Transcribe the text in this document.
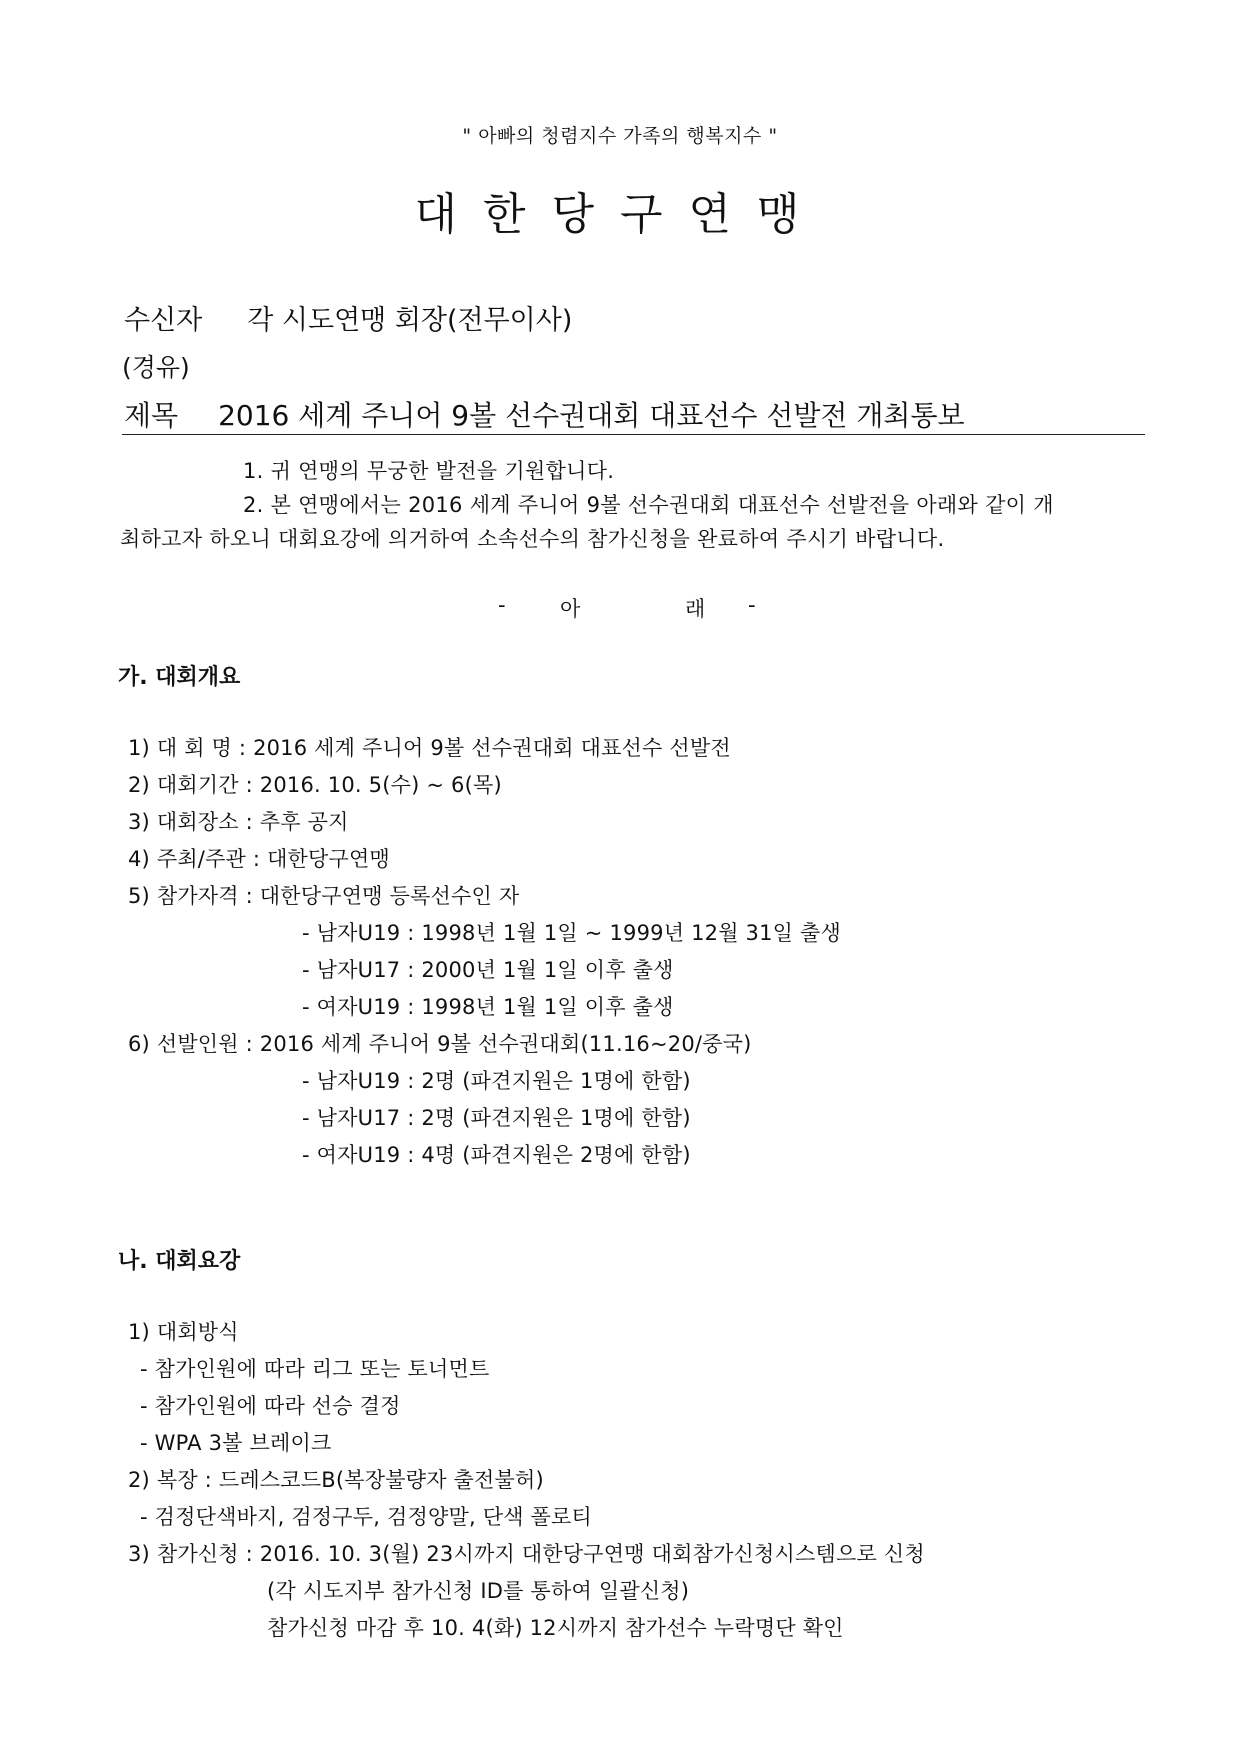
" 아빠의 청렴지수 가족의 행복지수 "
대한당구연맹
수신자 각 시도연맹 회장(전무이사)
(경유)
제목 2016 세계 주니어 9볼 선수권대회 대표선수 선발전 개최통보
1. 귀 연맹의 무궁한 발전을 기원합니다.
2. 본 연맹에서는 2016 세계 주니어 9볼 선수권대회 대표선수 선발전을 아래와 같이 개
최하고자 하오니 대회요강에 의거하여 소속선수의 참가신청을 완료하여 주시기 바랍니다.
-	아	래 -
가. 대회개요
1) 대 회 명 : 2016 세계 주니어 9볼 선수권대회 대표선수 선발전
2) 대회기간 : 2016. 10. 5(수) ~ 6(목)
3) 대회장소 : 추후 공지
4) 주최/주관 : 대한당구연맹
5) 참가자격 : 대한당구연맹 등록선수인 자
- 남자U19 : 1998년 1월 1일 ~ 1999년 12월 31일 출생
- 남자U17 : 2000년 1월 1일 이후 출생
- 여자U19 : 1998년 1월 1일 이후 출생
6) 선발인원 : 2016 세계 주니어 9볼 선수권대회(11.16~20/중국)
- 남자U19 : 2명 (파견지원은 1명에 한함)
- 남자U17 : 2명 (파견지원은 1명에 한함)
- 여자U19 : 4명 (파견지원은 2명에 한함)
나. 대회요강
1) 대회방식
- 참가인원에 따라 리그 또는 토너먼트
- 참가인원에 따라 선승 결정
- WPA 3볼 브레이크
2) 복장 : 드레스코드B(복장불량자 출전불허)
- 검정단색바지, 검정구두, 검정양말, 단색 폴로티
3) 참가신청 : 2016. 10. 3(월) 23시까지 대한당구연맹 대회참가신청시스템으로 신청
(각 시도지부 참가신청 ID를 통하여 일괄신청)
참가신청 마감 후 10. 4(화) 12시까지 참가선수 누락명단 확인
